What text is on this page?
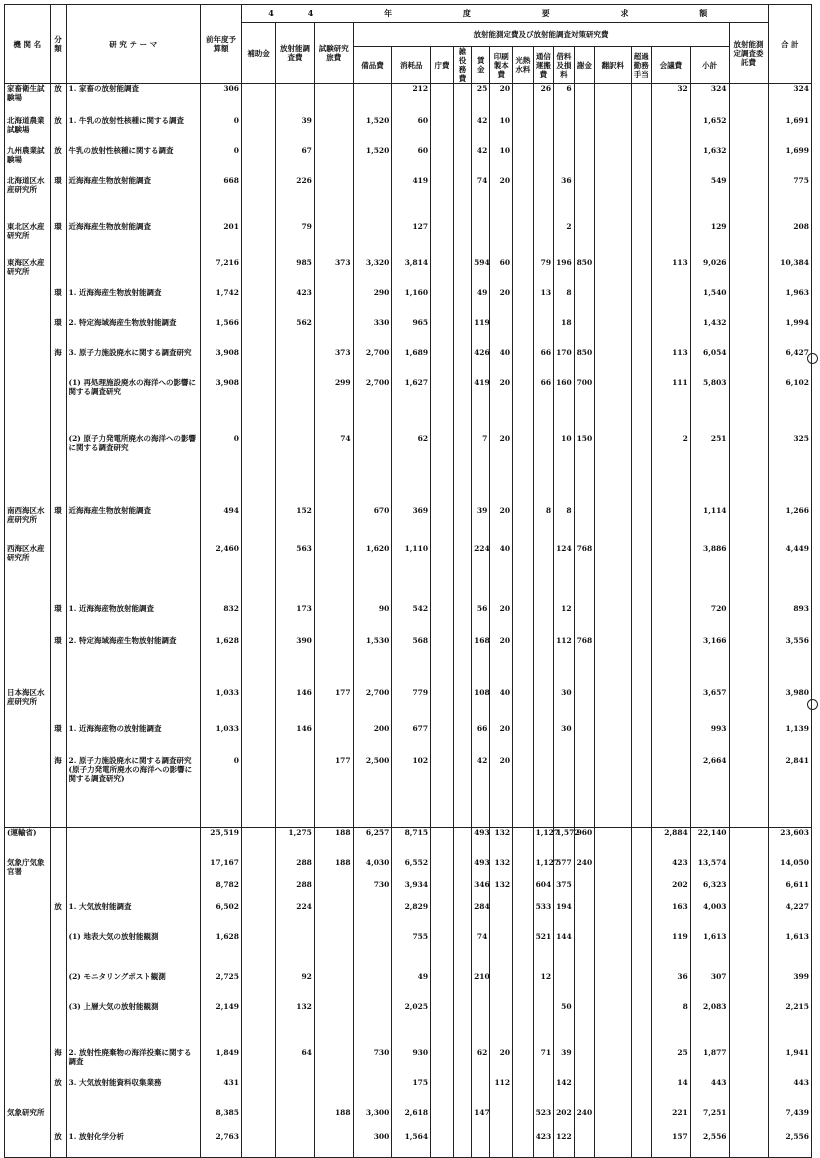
機 関 名	分 類	研 究 テ ー マ	前年度予算額	44 年 度 要 求 額																		合 計
				補助金	放射能調査費	試験研究旅費	放射能測定費及び放射能調査対策研究費														放射能測定調査委託費	
							備品費	消耗品	庁費	雑役務費	賃金	印刷製本費	光熱水料	通信運搬費	借料及損料	謝金	翻訳料	超過勤務手当	会議費	小計		
家畜衛生試験場	放	1. 家畜の放射能調査	306					212			25	20		26	6				32	324		324
北海道農業試験場	放	1. 牛乳の放射性核種に関する調査	0		39		1,520	60			42	10								1,652		1,691
九州農業試験場	放	牛乳の放射性核種に関する調査	0		67		1,520	60			42	10								1,632		1,699
北海道区水産研究所	環	近海海産生物放射能調査	668		226			419			74	20			36					549		775
東北区水産研究所	環	近海海産生物放射能調査	201		79			127							2					129		208
東海区水産研究所			7,216		985	373	3,320	3,814			594	60		79	196	850			113	9,026		10,384
	環	1. 近海海産生物放射能調査	1,742		423		290	1,160			49	20		13	8					1,540		1,963
	環	2. 特定海域海産生物放射能調査	1,566		562		330	965			119				18					1,432		1,994
	海	3. 原子力施設廃水に関する調査研究	3,908			373	2,700	1,689			426	40		66	170	850			113	6,054		6,427
		(1) 再処理施設廃水の海洋への影響に関する調査研究	3,908			299	2,700	1,627			419	20		66	160	700			111	5,803		6,102
		(2) 原子力発電所廃水の海洋への影響に関する調査研究	0			74		62			7	20			10	150			2	251		325
南西海区水産研究所	環	近海海産生物放射能調査	494		152		670	369			39	20		8	8					1,114		1,266
西海区水産研究所			2,460		563		1,620	1,110			224	40			124	768				3,886		4,449
	環	1. 近海海産物放射能調査	832		173		90	542			56	20			12					720		893
	環	2. 特定海域海産生物放射能調査	1,628		390		1,530	568			168	20			112	768				3,166		3,556
日本海区水産研究所			1,033		146	177	2,700	779			108	40			30					3,657		3,980
	環	1. 近海海産物の放射能調査	1,033		146		200	677			66	20			30					993		1,139
	海	2. 原子力施設廃水に関する調査研究(原子力発電所廃水の海洋への影響に関する調査研究)	0			177	2,500	102			42	20								2,664		2,841
(運輸省)			25,519		1,275	188	6,257	8,715			493	132		1,127	1,572	960			2,884	22,140		23,603
気象庁気象官署			17,167		288	188	4,030	6,552			493	132		1,127	577	240			423	13,574		14,050
			8,782		288		730	3,934			346	132		604	375				202	6,323		6,611
	放	1. 大気放射能調査	6,502		224			2,829			284			533	194				163	4,003		4,227
		(1) 地表大気の放射能観測	1,628					755			74			521	144				119	1,613		1,613
		(2) モニタリングポスト観測	2,725		92			49			210			12					36	307		399
		(3) 上層大気の放射能観測	2,149		132			2,025							50				8	2,083		2,215
	海	2. 放射性廃棄物の海洋投棄に関する調査	1,849		64		730	930			62	20		71	39				25	1,877		1,941
	放	3. 大気放射能資料収集業務	431					175				112			142				14	443		443
気象研究所			8,385			188	3,300	2,618			147			523	202	240			221	7,251		7,439
	放	1. 放射化学分析	2,763				300	1,564						423	122				157	2,556		2,556
